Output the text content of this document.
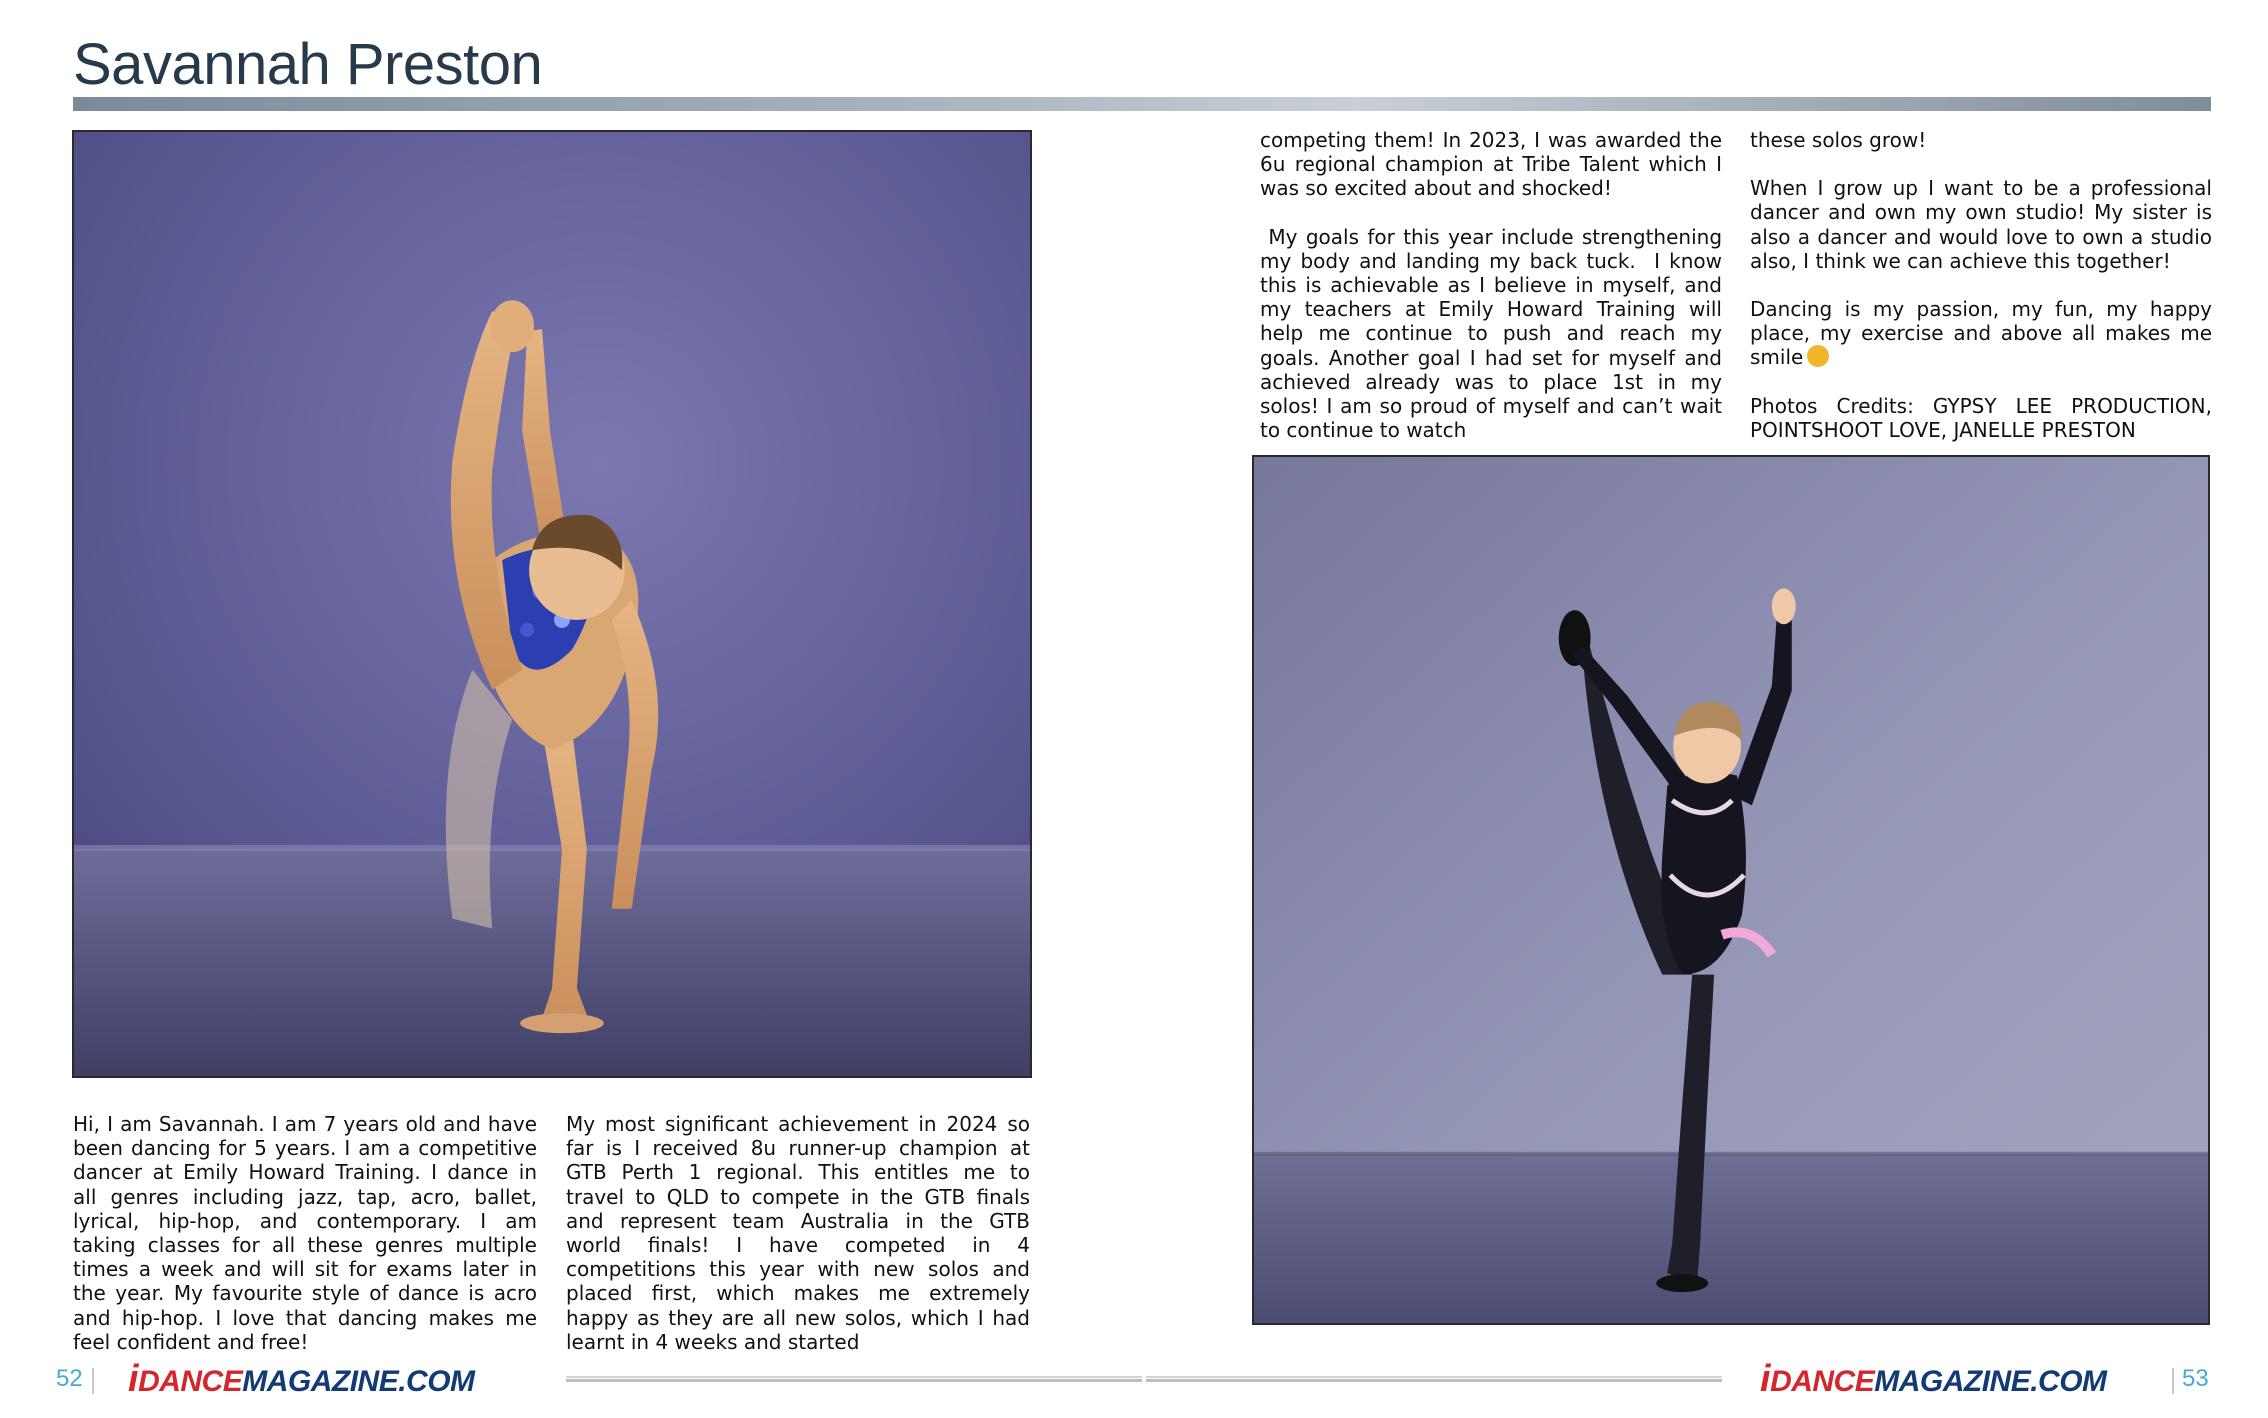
Savannah Preston
Hi, I am Savannah. I am 7 years old and have been dancing for 5 years. I am a competitive dancer at Emily Howard Training. I dance in all genres including jazz, tap, acro, ballet, lyrical, hip-hop, and contemporary. I am taking classes for all these genres multiple times a week and will sit for exams later in the year. My favourite style of dance is acro and hip-hop. I love that dancing makes me feel confident and free!
My most significant achievement in 2024 so far is I received 8u runner-up champion at GTB Perth 1 regional. This entitles me to travel to QLD to compete in the GTB finals and represent team Australia in the GTB world finals! I have competed in 4 competitions this year with new solos and placed first, which makes me extremely happy as they are all new solos, which I had learnt in 4 weeks and started

competing them! In 2023, I was awarded the 6u regional champion at Tribe Talent which I was so excited about and shocked!

My goals for this year include strengthening my body and landing my back tuck.  I know this is achievable as I believe in myself, and my teachers at Emily Howard Training will help me continue to push and reach my goals. Another goal I had set for myself and achieved already was to place 1st in my solos! I am so proud of myself and can’t wait to continue to watch

these solos grow!

When I grow up I want to be a professional dancer and own my own studio! My sister is also a dancer and would love to own a studio also, I think we can achieve this together!

Dancing is my passion, my fun, my happy place, my exercise and above all makes me smile

Photos Credits: GYPSY LEE PRODUCTION, POINTSHOOT LOVE, JANELLE PRESTON

52 iDANCEMAGAZINE.COM	iDANCEMAGAZINE.COM	53
